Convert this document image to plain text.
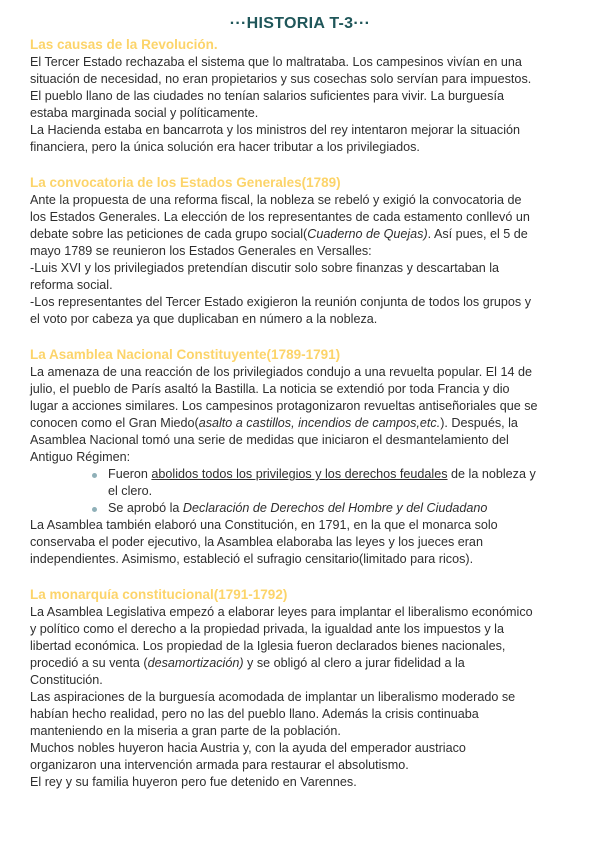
···HISTORIA T-3···
Las causas de la Revolución.
El Tercer Estado rechazaba el sistema que lo maltrataba. Los campesinos vivían en una
situación de necesidad, no eran propietarios y sus cosechas solo servían para impuestos.
El pueblo llano de las ciudades no tenían salarios suficientes para vivir. La burguesía
estaba marginada social y políticamente.
La Hacienda estaba en bancarrota y los ministros del rey intentaron mejorar la situación
financiera, pero la única solución era hacer tributar a los privilegiados.
La convocatoria de los Estados Generales(1789)
Ante la propuesta de una reforma fiscal, la nobleza se rebeló y exigió la convocatoria de
los Estados Generales. La elección de los representantes de cada estamento conllevó un
debate sobre las peticiones de cada grupo social(Cuaderno de Quejas). Así pues, el 5 de
mayo 1789 se reunieron los Estados Generales en Versalles:
-Luis XVI y los privilegiados pretendían discutir solo sobre finanzas y descartaban la
reforma social.
-Los representantes del Tercer Estado exigieron la reunión conjunta de todos los grupos y
el voto por cabeza ya que duplicaban en número a la nobleza.
La Asamblea Nacional Constituyente(1789-1791)
La amenaza de una reacción de los privilegiados condujo a una revuelta popular. El 14 de
julio, el pueblo de París asaltó la Bastilla. La noticia se extendió por toda Francia y dio
lugar a acciones similares. Los campesinos protagonizaron revueltas antiseñoriales que se
conocen como el Gran Miedo(asalto a castillos, incendios de campos,etc.). Después, la
Asamblea Nacional tomó una serie de medidas que iniciaron el desmantelamiento del
Antiguo Régimen:
Fueron abolidos todos los privilegios y los derechos feudales de la nobleza y
el clero.
Se aprobó la Declaración de Derechos del Hombre y del Ciudadano
La Asamblea también elaboró una Constitución, en 1791, en la que el monarca solo
conservaba el poder ejecutivo, la Asamblea elaboraba las leyes y los jueces eran
independientes. Asimismo, estableció el sufragio censitario(limitado para ricos).
La monarquía constitucional(1791-1792)
La Asamblea Legislativa empezó a elaborar leyes para implantar el liberalismo económico
y político como el derecho a la propiedad privada, la igualdad ante los impuestos y la
libertad económica. Los propiedad de la Iglesia fueron declarados bienes nacionales,
procedió a su venta (desamortización) y se obligó al clero a jurar fidelidad a la
Constitución.
Las aspiraciones de la burguesía acomodada de implantar un liberalismo moderado se
habían hecho realidad, pero no las del pueblo llano. Además la crisis continuaba
manteniendo en la miseria a gran parte de la población.
Muchos nobles huyeron hacia Austria y, con la ayuda del emperador austriaco
organizaron una intervención armada para restaurar el absolutismo.
El rey y su familia huyeron pero fue detenido en Varennes.
